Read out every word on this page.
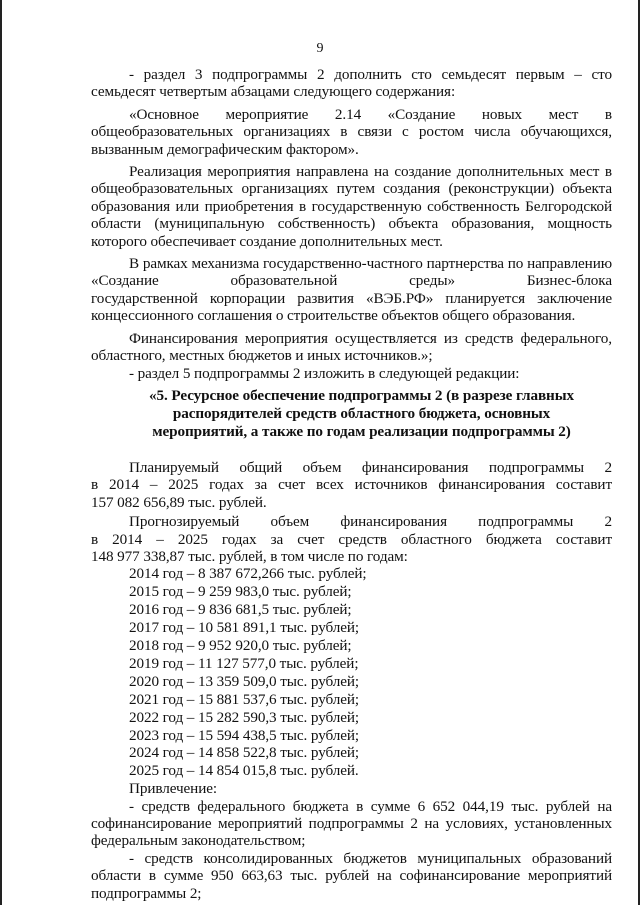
9

- раздел 3 подпрограммы 2 дополнить сто семьдесят первым – сто семьдесят четвертым абзацами следующего содержания:

«Основное мероприятие 2.14 «Создание новых мест в общеобразовательных организациях в связи с ростом числа обучающихся, вызванным демографическим фактором».

Реализация мероприятия направлена на создание дополнительных мест в общеобразовательных организациях путем создания (реконструкции) объекта образования или приобретения в государственную собственность Белгородской области (муниципальную собственность) объекта образования, мощность которого обеспечивает создание дополнительных мест.

В рамках механизма государственно-частного партнерства по направлению «Создание образовательной среды» Бизнес-блока

государственной корпорации развития «ВЭБ.РФ» планируется заключение концессионного соглашения о строительстве объектов общего образования.

Финансирования мероприятия осуществляется из средств федерального, областного, местных бюджетов и иных источников.»;

- раздел 5 подпрограммы 2 изложить в следующей редакции:

«5. Ресурсное обеспечение подпрограммы 2 (в разрезе главных
распорядителей средств областного бюджета, основных
мероприятий, а также по годам реализации подпрограммы 2)

Планируемый общий объем финансирования подпрограммы 2

в 2014 – 2025 годах за счет всех источников финансирования составит

157 082 656,89 тыс. рублей.

Прогнозируемый объем финансирования подпрограммы 2

в 2014 – 2025 годах за счет средств областного бюджета составит

148 977 338,87 тыс. рублей, в том числе по годам:

2014 год – 8 387 672,266 тыс. рублей;

2015 год – 9 259 983,0 тыс. рублей;

2016 год – 9 836 681,5 тыс. рублей;

2017 год – 10 581 891,1 тыс. рублей;

2018 год – 9 952 920,0 тыс. рублей;

2019 год – 11 127 577,0 тыс. рублей;

2020 год – 13 359 509,0 тыс. рублей;

2021 год – 15 881 537,6 тыс. рублей;

2022 год – 15 282 590,3 тыс. рублей;

2023 год – 15 594 438,5 тыс. рублей;

2024 год – 14 858 522,8 тыс. рублей;

2025 год – 14 854 015,8 тыс. рублей.

Привлечение:

- средств федерального бюджета в сумме 6 652 044,19 тыс. рублей на софинансирование мероприятий подпрограммы 2 на условиях, установленных федеральным законодательством;

- средств консолидированных бюджетов муниципальных образований области в сумме 950 663,63 тыс. рублей на софинансирование мероприятий подпрограммы 2;
